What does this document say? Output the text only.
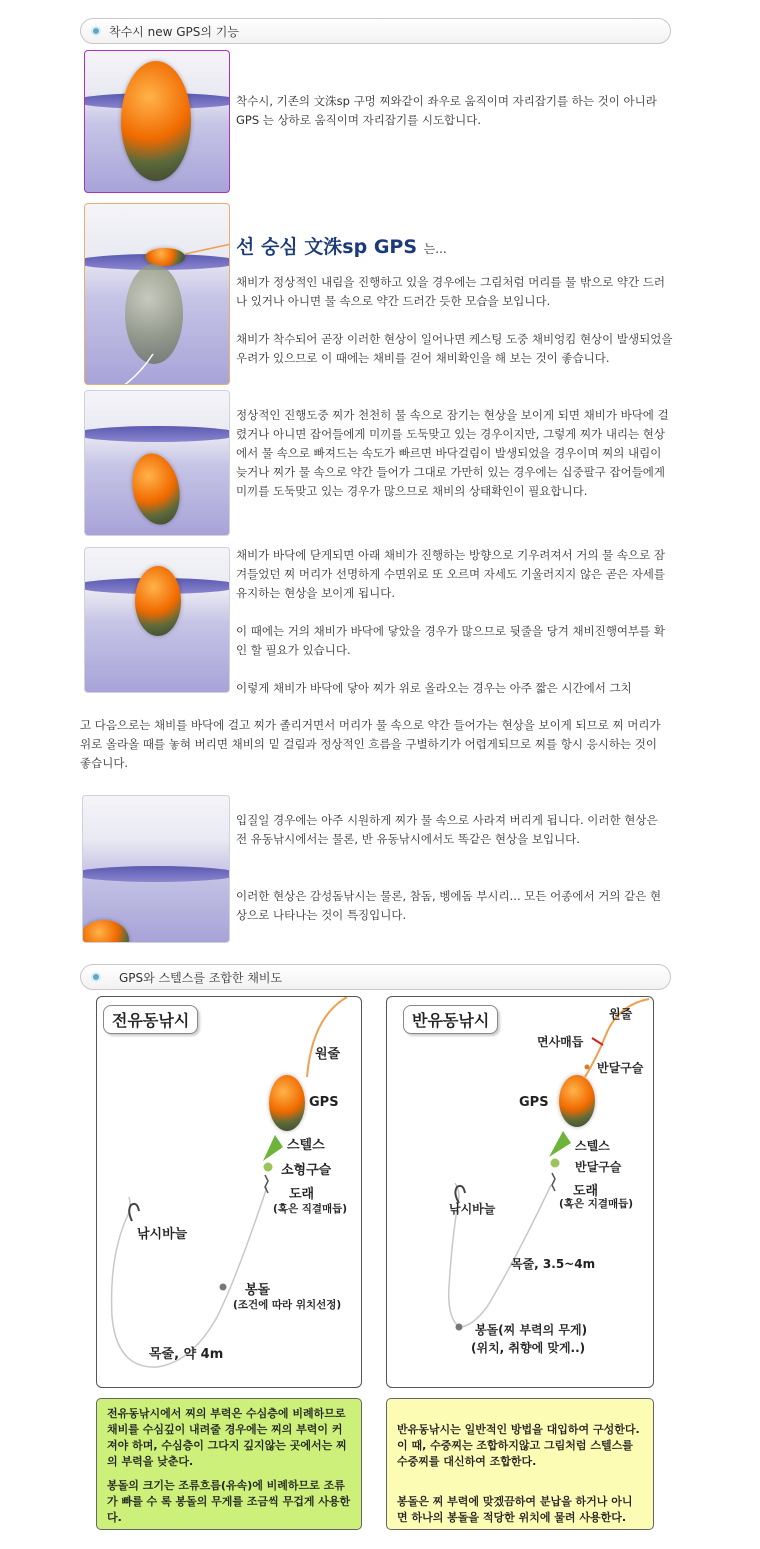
착수시 new GPS의 기능
착수시, 기존의 文洙sp 구멍 찌와같이 좌우로 움직이며 자리잡기를 하는 것이 아니라 GPS 는 상하로 움직이며 자리잡기를 시도합니다.
선 숭심 文洙sp GPS 는...
채비가 정상적인 내림을 진행하고 있을 경우에는 그림처럼 머리를 물 밖으로 약간 드러나 있거나 아니면 물 속으로 약간 드러간 듯한 모습을 보입니다.
채비가 착수되어 곧장 이러한 현상이 일어나면 케스팅 도중 채비엉킴 현상이 발생되었을 우려가 있으므로 이 때에는 채비를 걷어 채비확인을 해 보는 것이 좋습니다.
정상적인 진행도중 찌가 천천히 물 속으로 잠기는 현상을 보이게 되면 채비가 바닥에 걸렸거나 아니면 잡어들에게 미끼를 도둑맞고 있는 경우이지만, 그렇게 찌가 내리는 현상에서 물 속으로 빠져드는 속도가 빠르면 바닥걸림이 발생되었을 경우이며 찌의 내림이 늦거나 찌가 물 속으로 약간 들어가 그대로 가만히 있는 경우에는 십중팔구 잡어들에게 미끼를 도둑맞고 있는 경우가 많으므로 채비의 상태확인이 필요합니다.
채비가 바닥에 닫게되면 아래 채비가 진행하는 방향으로 기우려져서 거의 물 속으로 잠겨들었던 찌 머리가 선명하게 수면위로 또 오르며 자세도 기울러지지 않은 곧은 자세를 유지하는 현상을 보이게 됩니다.
이 때에는 거의 채비가 바닥에 닿았을 경우가 많으므로 뒷줄을 당겨 채비진행여부를 확인 할 필요가 있습니다.
이렇게 채비가 바닥에 닿아 찌가 위로 올라오는 경우는 아주 짧은 시간에서 그치
고 다음으로는 채비를 바닥에 걸고 찌가 졸리거면서 머리가 물 속으로 약간 들어가는 현상을 보이게 되므로 찌 머리가 위로 올라올 때를 놓혀 버리면 채비의 밑 걸림과 정상적인 흐름을 구별하기가 어렵게되므로 찌를 항시 응시하는 것이 좋습니다.
입질일 경우에는 아주 시원하게 찌가 물 속으로 사라져 버리게 됩니다. 이러한 현상은 전 유동낚시에서는 물론, 반 유동낚시에서도 똑같은 현상을 보입니다.
이러한 현상은 감성돔낚시는 물론, 참돔, 벵에돔 부시리... 모든 어종에서 거의 같은 현상으로 나타나는 것이 특징입니다.
GPS와 스텔스를 조합한 채비도
전유동낚시
원줄
GPS
스텔스
소형구슬
도래
(혹은 직결매듭)
낚시바늘
봉돌
(조건에 따라 위치선정)
목줄, 약 4m
반유동낚시	원줄
면사매듭
반달구슬
GPS
스텔스
반달구슬
도래
(혹은 지결매듭)
낚시바늘
목줄, 3.5~4m
봉돌(찌 부력의 무게)
(위치, 취향에 맞게..)
전유동낚시에서 찌의 부력은 수심층에 비례하므로 채비를 수심깊이 내려줄 경우에는 찌의 부력이 커져야 하며, 수심층이 그다지 깊지않는 곳에서는 찌의 부력을 낮춘다.
봉돌의 크기는 조류흐름(유속)에 비례하므로 조류가 빠를 수 록 봉돌의 무게를 조금씩 무겁게 사용한다.

반유동낚시는 일반적인 방법을 대입하여 구성한다.
이 때, 수중찌는 조합하지않고 그림처럼 스텔스를 수중찌를 대신하여 조합한다.

봉돌은 찌 부력에 맞겠끔하여 분납을 하거나 아니면 하나의 봉돌을 적당한 위치에 물려 사용한다.
